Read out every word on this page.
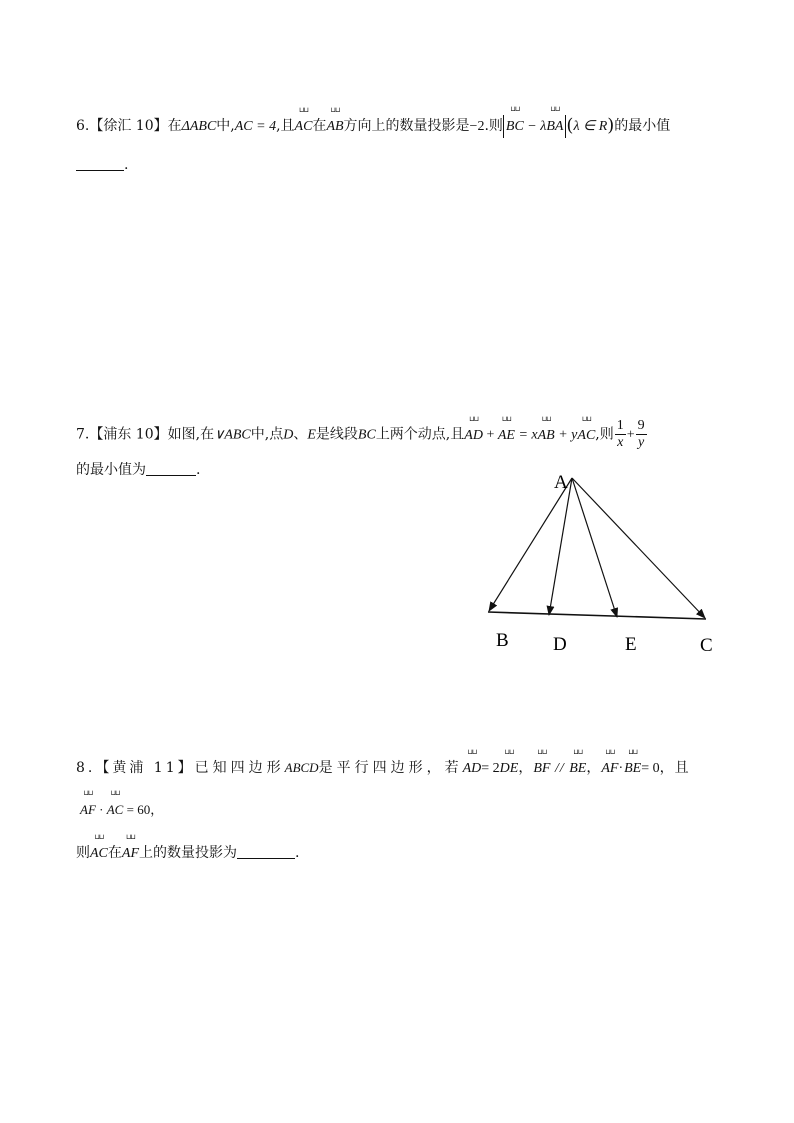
6.【徐汇 10】在ΔABC中,AC = 4,且⊔⊔ AC在⊔⊔ AB方向上的数量投影是−2.则⊔⊔ BC − λ⊔⊔ BA (λ ∈ R)的最小值
.
7.【浦东 10】如图,在∨ABC中,点D、E是线段BC上两个动点,且⊔⊔ AD + ⊔⊔ AE = x⊔⊔ AB + y⊔⊔ AC,则 $\frac{1}{x} + \frac{9}{y}$
的最小值为	.
A
B D	E	C
8.【黄浦 11】已知四边形ABCD是平行四边形，若⊔⊔ AD= 2⊔⊔ DE，⊔⊔ BF // ⊔⊔ BE，⊔⊔ AF·⊔⊔ BE= 0，且
⊔⊔ AF · ⊔⊔ AC = 60，
则⊔⊔ AC在⊔⊔ AF上的数量投影为	.
